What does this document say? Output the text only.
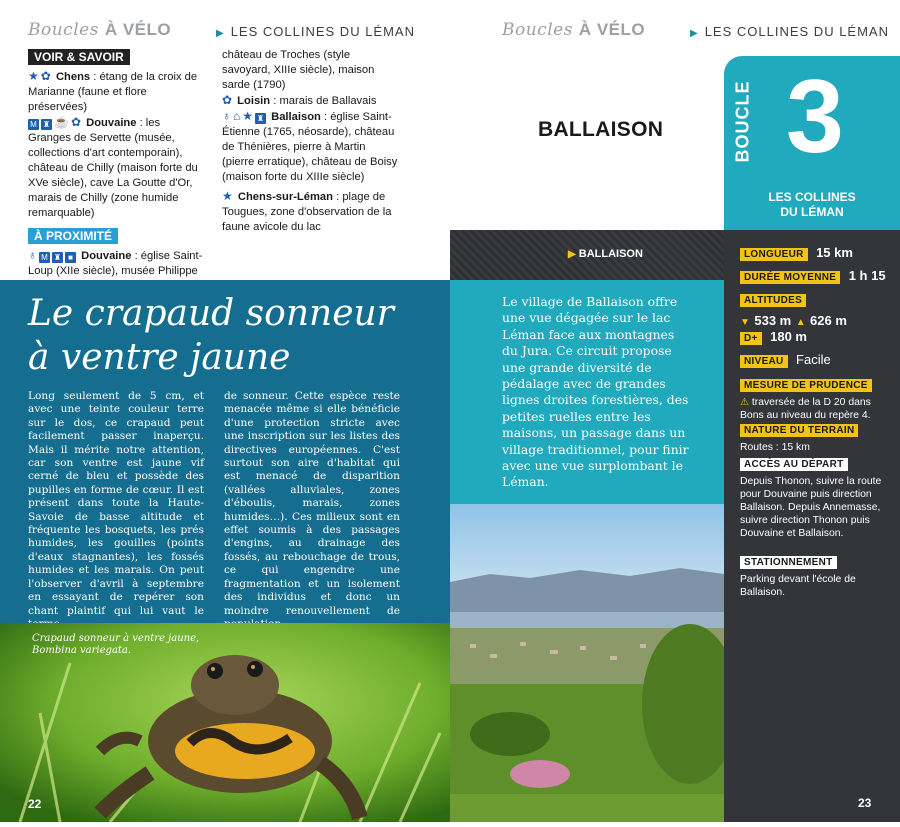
Boucles À VÉLO	▶ LES COLLINES DU LÉMAN
VOIR & SAVOIR
★ ✿ Chens : étang de la croix de Marianne (faune et flore préservées)
M ♜ ☕ ✿ Douvaine : les Granges de Servette (musée, collections d'art contemporain), château de Chilly (maison forte du XVe siècle), cave La Goutte d'Or, marais de Chilly (zone humide remarquable)
À PROXIMITÉ
♁ M ♜ ■ Douvaine : église Saint-Loup (XIIe siècle), musée Philippe
château de Troches (style savoyard, XIIIe siècle), maison sarde (1790)
✿ Loisin : marais de Ballavais
♁ ⌂ ★ ♜ Ballaison : église Saint-Étienne (1765, néosarde), château de Thénières, pierre à Martin (pierre erratique), château de Boisy (maison forte du XIIIe siècle)
★ Chens-sur-Léman : plage de Tougues, zone d'observation de la faune avicole du lac
Le crapaud sonneur
à ventre jaune
Long seulement de 5 cm, et avec une teinte couleur terre sur le dos, ce crapaud peut facilement passer inaperçu. Mais il mérite notre attention, car son ventre est jaune vif cerné de bleu et possède des pupilles en forme de cœur. Il est présent dans toute la Haute-Savoie de basse altitude et fréquente les bosquets, les prés humides, les gouilles (points d'eaux stagnantes), les fossés humides et les marais. On peut l'observer d'avril à septembre en essayant de repérer son chant plaintif qui lui vaut le
de sonneur. Cette espèce reste menacée même si elle bénéficie d'une protection stricte avec une inscription sur les listes des directives européennes. C'est surtout son aire d'habitat qui est menacé de disparition (vallées alluviales, zones d'éboulis, marais, zones humides…). Ces milieux sont en effet soumis à des passages d'engins, au drainage des fossés, au rebouchage de trous, ce qui engendre une fragmentation et un isolement des individus et donc un moindre renouvellement de
Crapaud sonneur à ventre jaune,
Bombina variegata.
22
Boucles À VÉLO	▶ LES COLLINES DU LÉMAN
BALLAISON	BOUCLE 3
LES COLLINES
DU LÉMAN
▶ BALLAISON
Le village de Ballaison offre une vue dégagée sur le lac Léman face aux montagnes du Jura. Ce circuit propose une grande diversité de pédalage avec de grandes lignes droites forestières, des petites ruelles entre les maisons, un passage dans un village traditionnel, pour finir avec une vue surplombant le Léman.
LONGUEUR 15 km
DURÉE MOYENNE 1 h 15
ALTITUDES
▼ 533 m ▲ 626 m
D+ 180 m
NIVEAU Facile
MESURE DE PRUDENCE
⚠ traversée de la D 20 dans Bons au niveau du repère 4.
NATURE DU TERRAIN
Routes : 15 km
ACCÈS AU DÉPART
Depuis Thonon, suivre la route pour Douvaine puis direction Ballaison. Depuis Annemasse, suivre direction Thonon puis Douvaine et Ballaison.
STATIONNEMENT
Parking devant l'école de Ballaison.
23
